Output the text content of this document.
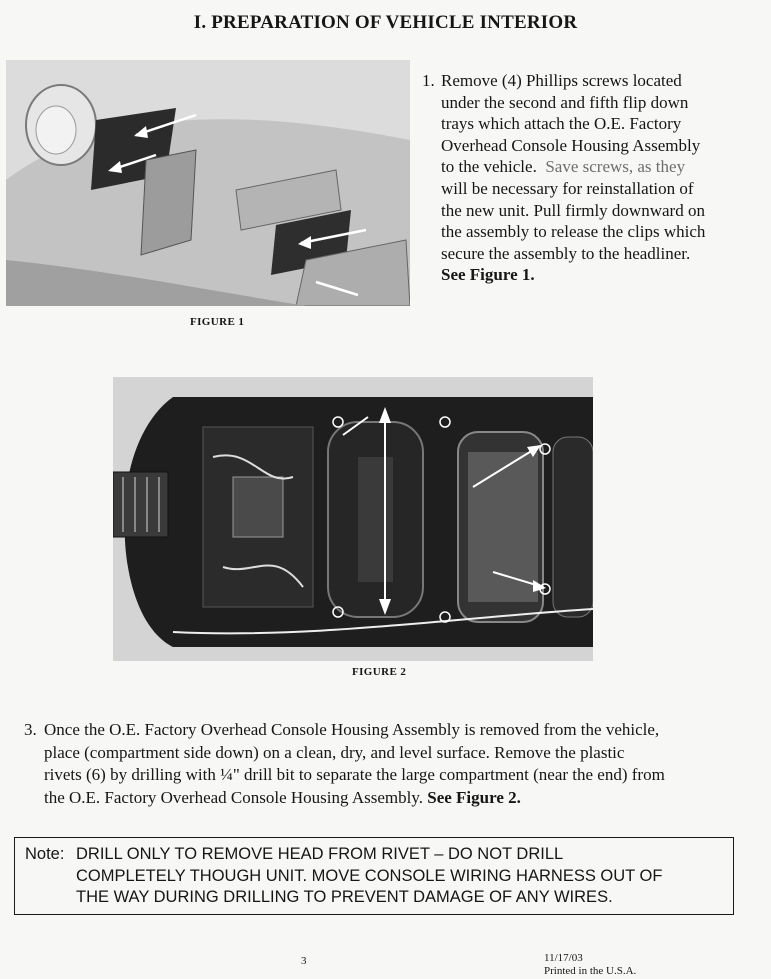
I. PREPARATION OF VEHICLE INTERIOR
FIGURE 1
1. Remove (4) Phillips screws located
under the second and fifth flip down
trays which attach the O.E. Factory
Overhead Console Housing Assembly
to the vehicle. Save screws, as they
will be necessary for reinstallation of
the new unit. Pull firmly downward on
the assembly to release the clips which
secure the assembly to the headliner.
See Figure 1.
FIGURE 2
3. Once the O.E. Factory Overhead Console Housing Assembly is removed from the vehicle,
place (compartment side down) on a clean, dry, and level surface. Remove the plastic
rivets (6) by drilling with ¼" drill bit to separate the large compartment (near the end) from
the O.E. Factory Overhead Console Housing Assembly. See Figure 2.
Note: DRILL ONLY TO REMOVE HEAD FROM RIVET – DO NOT DRILL
COMPLETELY THOUGH UNIT. MOVE CONSOLE WIRING HARNESS OUT OF
THE WAY DURING DRILLING TO PREVENT DAMAGE OF ANY WIRES.
3	11/17/03
Printed in the U.S.A.
